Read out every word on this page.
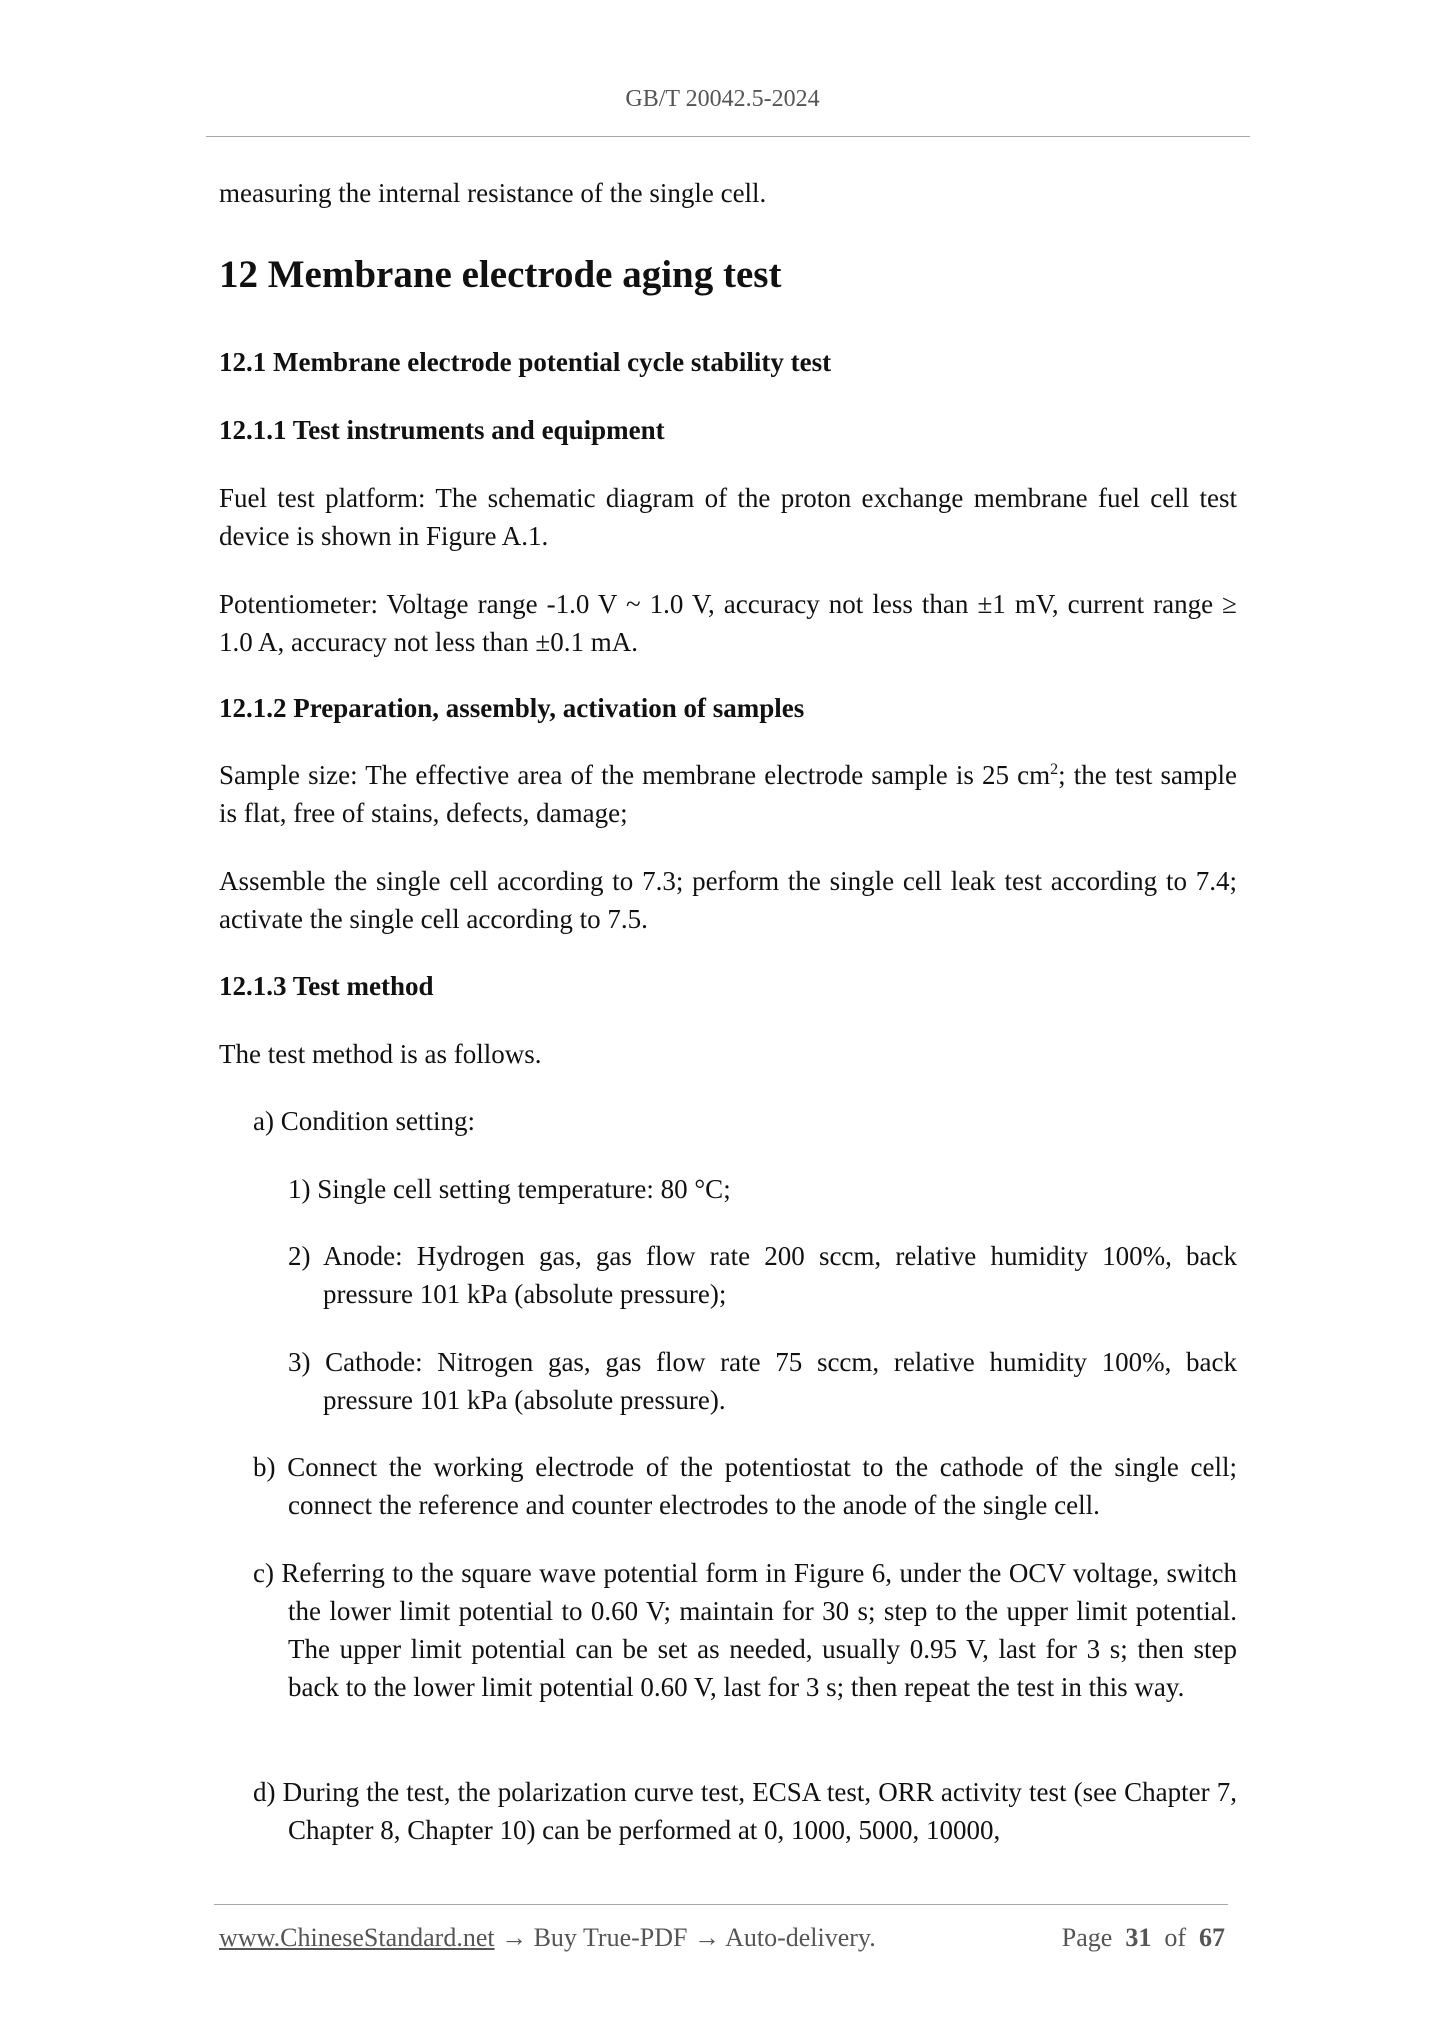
GB/T 20042.5-2024

measuring the internal resistance of the single cell.

12 Membrane electrode aging test
12.1 Membrane electrode potential cycle stability test
12.1.1 Test instruments and equipment

Fuel test platform: The schematic diagram of the proton exchange membrane fuel cell test device is shown in Figure A.1.

Potentiometer: Voltage range -1.0 V ~ 1.0 V, accuracy not less than ±1 mV, current range ≥ 1.0 A, accuracy not less than ±0.1 mA.

12.1.2 Preparation, assembly, activation of samples

Sample size: The effective area of the membrane electrode sample is 25 $cm^2$; the test sample is flat, free of stains, defects, damage;

Assemble the single cell according to 7.3; perform the single cell leak test according to 7.4; activate the single cell according to 7.5.

12.1.3 Test method

The test method is as follows.

a) Condition setting:

1) Single cell setting temperature: 80 °C;

2) Anode: Hydrogen gas, gas flow rate 200 sccm, relative humidity 100%, back pressure 101 kPa (absolute pressure);

3) Cathode: Nitrogen gas, gas flow rate 75 sccm, relative humidity 100%, back pressure 101 kPa (absolute pressure).

b) Connect the working electrode of the potentiostat to the cathode of the single cell; connect the reference and counter electrodes to the anode of the single cell.

c) Referring to the square wave potential form in Figure 6, under the OCV voltage, switch the lower limit potential to 0.60 V; maintain for 30 s; step to the upper limit potential. The upper limit potential can be set as needed, usually 0.95 V, last for 3 s; then step back to the lower limit potential 0.60 V, last for 3 s; then repeat the test in this way.

d) During the test, the polarization curve test, ECSA test, ORR activity test (see Chapter 7, Chapter 8, Chapter 10) can be performed at 0, 1000, 5000, 10000,

www.ChineseStandard.net → Buy True-PDF → Auto-delivery.	Page 31 of 67
